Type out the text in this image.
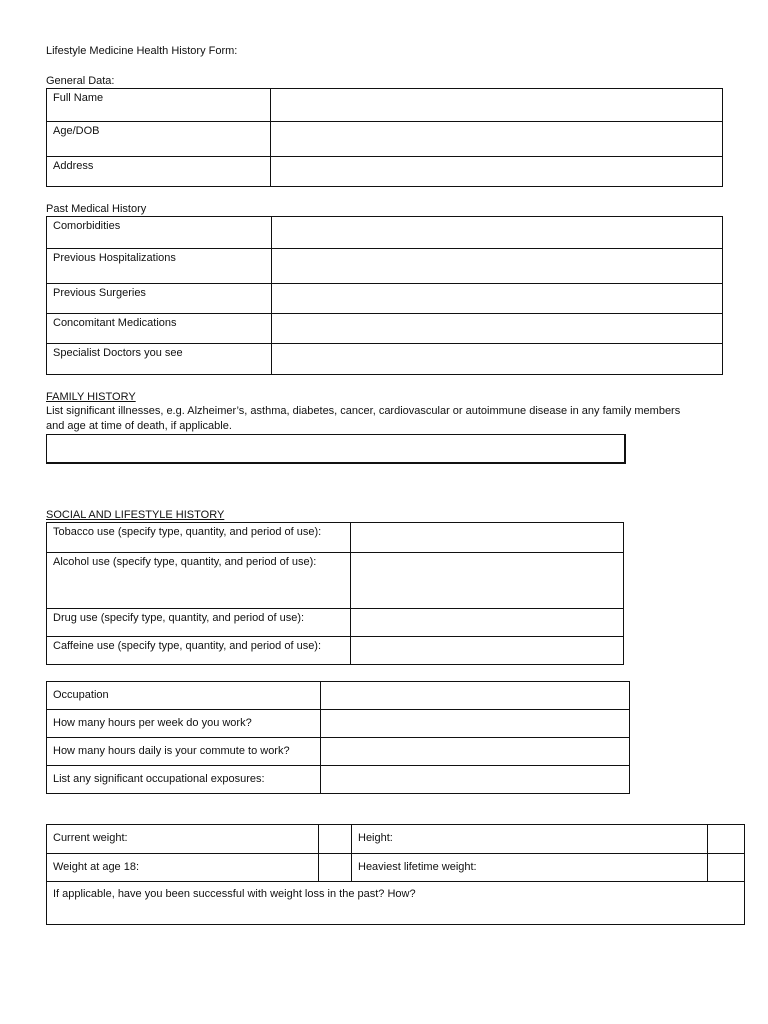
Lifestyle Medicine Health History Form:
General Data:
Full Name	
Age/DOB	
Address	
Past Medical History
Comorbidities	
Previous Hospitalizations	
Previous Surgeries	
Concomitant Medications	
Specialist Doctors you see	
FAMILY HISTORY
List significant illnesses, e.g. Alzheimer’s, asthma, diabetes, cancer, cardiovascular or autoimmune disease in any family members and age at time of death, if applicable.
SOCIAL AND LIFESTYLE HISTORY
Tobacco use (specify type, quantity, and period of use):	
Alcohol use (specify type, quantity, and period of use):	
Drug use (specify type, quantity, and period of use):	
Caffeine use (specify type, quantity, and period of use):	
Occupation	
How many hours per week do you work?	
How many hours daily is your commute to work?	
List any significant occupational exposures:	
Current weight:		Height:	
Weight at age 18:		Heaviest lifetime weight:	
If applicable, have you been successful with weight loss in the past? How?			
